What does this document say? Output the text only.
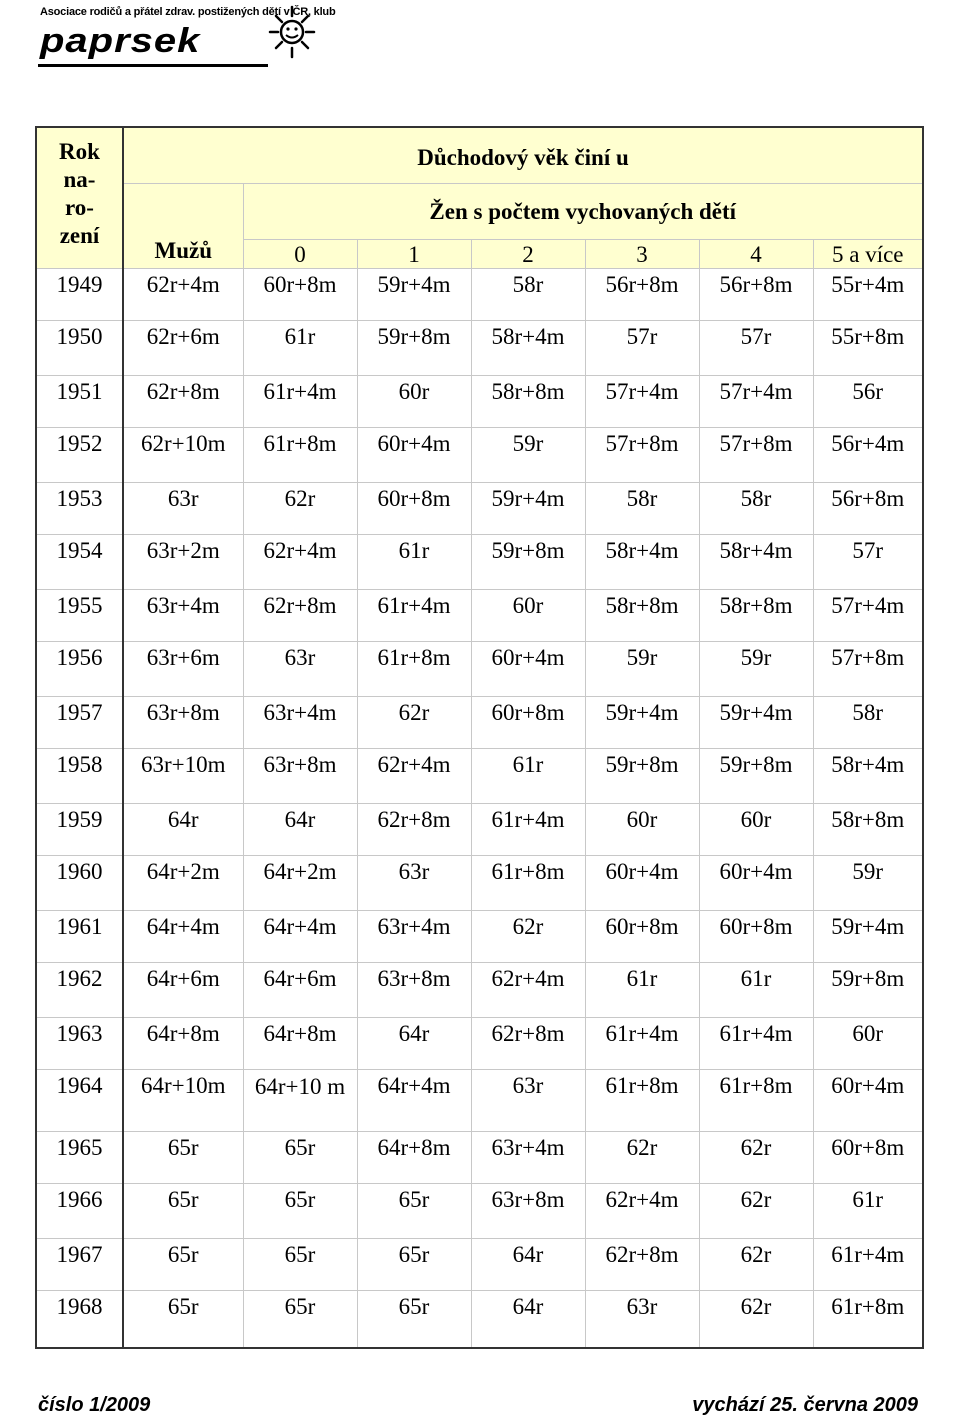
Asociace rodičů a přátel zdrav. postižených dětí v ČR, klub
paprsek
Rok
na-
ro-
zení	Důchodový věk činí u						
	Mužů	Žen s počtem vychovaných dětí					
		0	1	2	3	4	5 a více
1949	62r+4m	60r+8m	59r+4m	58r	56r+8m	56r+8m	55r+4m
1950	62r+6m	61r	59r+8m	58r+4m	57r	57r	55r+8m
1951	62r+8m	61r+4m	60r	58r+8m	57r+4m	57r+4m	56r
1952	62r+10m	61r+8m	60r+4m	59r	57r+8m	57r+8m	56r+4m
1953	63r	62r	60r+8m	59r+4m	58r	58r	56r+8m
1954	63r+2m	62r+4m	61r	59r+8m	58r+4m	58r+4m	57r
1955	63r+4m	62r+8m	61r+4m	60r	58r+8m	58r+8m	57r+4m
1956	63r+6m	63r	61r+8m	60r+4m	59r	59r	57r+8m
1957	63r+8m	63r+4m	62r	60r+8m	59r+4m	59r+4m	58r
1958	63r+10m	63r+8m	62r+4m	61r	59r+8m	59r+8m	58r+4m
1959	64r	64r	62r+8m	61r+4m	60r	60r	58r+8m
1960	64r+2m	64r+2m	63r	61r+8m	60r+4m	60r+4m	59r
1961	64r+4m	64r+4m	63r+4m	62r	60r+8m	60r+8m	59r+4m
1962	64r+6m	64r+6m	63r+8m	62r+4m	61r	61r	59r+8m
1963	64r+8m	64r+8m	64r	62r+8m	61r+4m	61r+4m	60r
1964	64r+10m	64r+10 m	64r+4m	63r	61r+8m	61r+8m	60r+4m
1965	65r	65r	64r+8m	63r+4m	62r	62r	60r+8m
1966	65r	65r	65r	63r+8m	62r+4m	62r	61r
1967	65r	65r	65r	64r	62r+8m	62r	61r+4m
1968	65r	65r	65r	64r	63r	62r	61r+8m
číslo 1/2009	vychází 25. června 2009
